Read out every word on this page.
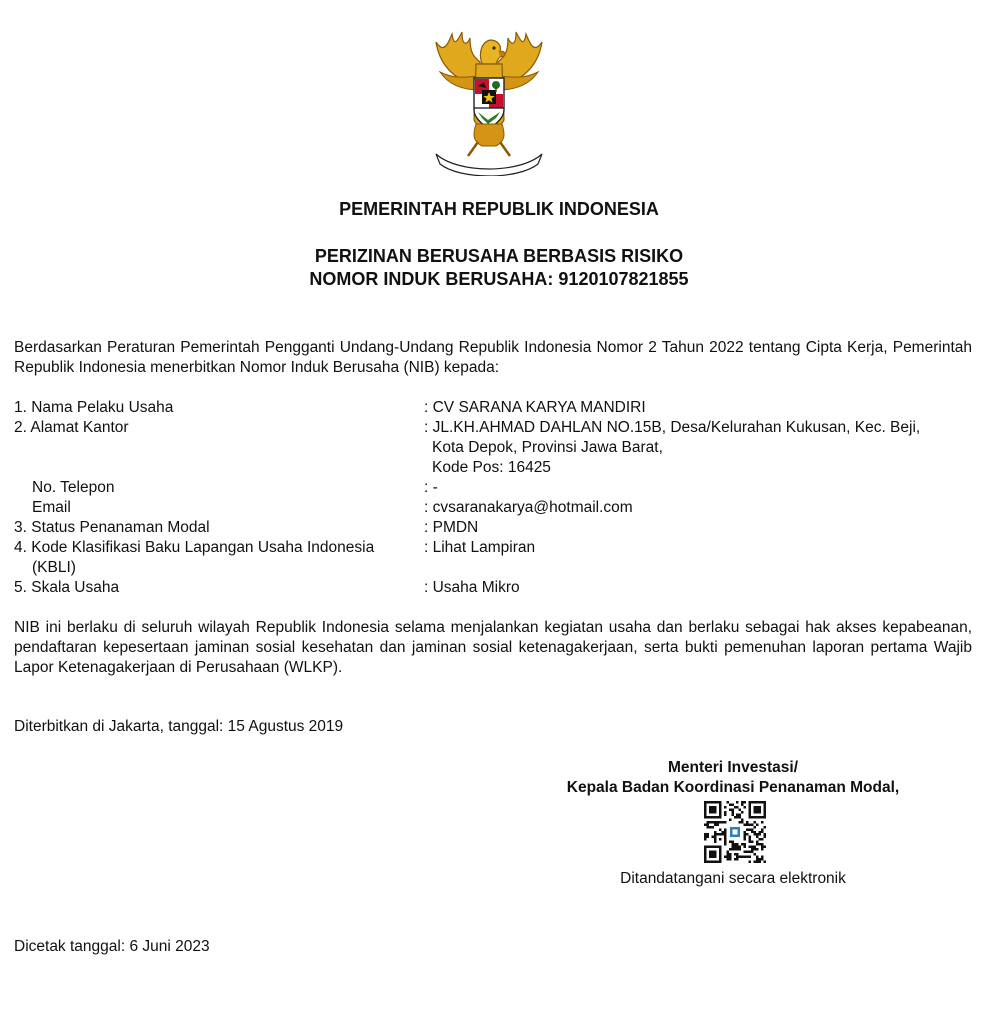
PEMERINTAH REPUBLIK INDONESIA
PERIZINAN BERUSAHA BERBASIS RISIKO
NOMOR INDUK BERUSAHA: 9120107821855
Berdasarkan Peraturan Pemerintah Pengganti Undang-Undang Republik Indonesia Nomor 2 Tahun 2022 tentang Cipta Kerja, Pemerintah Republik Indonesia menerbitkan Nomor Induk Berusaha (NIB) kepada:
1. Nama Pelaku Usaha	: CV SARANA KARYA MANDIRI
2. Alamat Kantor	: JL.KH.AHMAD DAHLAN NO.15B, Desa/Kelurahan Kukusan, Kec. Beji,
Kota Depok, Provinsi Jawa Barat,
Kode Pos: 16425
No. Telepon	: -
Email	: cvsaranakarya@hotmail.com
3. Status Penanaman Modal	: PMDN
4. Kode Klasifikasi Baku Lapangan Usaha Indonesia	: Lihat Lampiran
(KBLI)
5. Skala Usaha	: Usaha Mikro
NIB ini berlaku di seluruh wilayah Republik Indonesia selama menjalankan kegiatan usaha dan berlaku sebagai hak akses kepabeanan, pendaftaran kepesertaan jaminan sosial kesehatan dan jaminan sosial ketenagakerjaan, serta bukti pemenuhan laporan pertama Wajib Lapor Ketenagakerjaan di Perusahaan (WLKP).
Diterbitkan di Jakarta, tanggal: 15 Agustus 2019
Menteri Investasi/
Kepala Badan Koordinasi Penanaman Modal,
Ditandatangani secara elektronik
Dicetak tanggal: 6 Juni 2023
